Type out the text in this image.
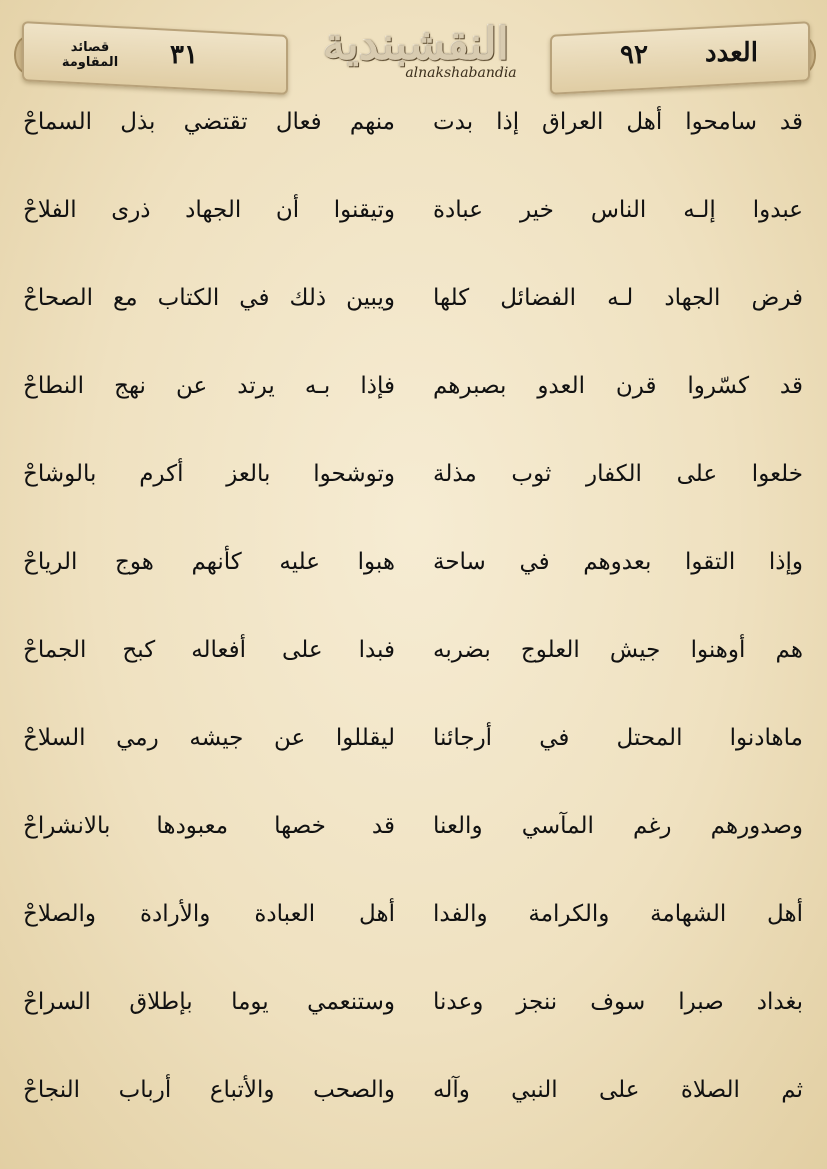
قصائد المقاومة ٣١	النقشبندية
alnakshabandia
٩٢ العدد
قد سامحوا أهل العراق إذا بدت
منهم فعال تقتضي بذل السماحْ
عبدوا إلـه الناس خير عبادة
وتيقنوا أن الجهاد ذرى الفلاحْ
فرض الجهاد لـه الفضائل كلها
ويبين ذلك في الكتاب مع الصحاحْ
قد كسّروا قرن العدو بصبرهم
فإذا بـه يرتد عن نهج النطاحْ
خلعوا على الكفار ثوب مذلة
وتوشحوا بالعز أكرم بالوشاحْ
وإذا التقوا بعدوهم في ساحة
هبوا عليه كأنهم هوج الرياحْ
هم أوهنوا جيش العلوج بضربه
فبدا على أفعاله كبح الجماحْ
ماهادنوا المحتل في أرجائنا
ليقللوا عن جيشه رمي السلاحْ
وصدورهم رغم المآسي والعنا
قد خصها معبودها بالانشراحْ
أهل الشهامة والكرامة والفدا
أهل العبادة والأرادة والصلاحْ
بغداد صبرا سوف ننجز وعدنا
وستنعمي يوما بإطلاق السراحْ
ثم الصلاة على النبي وآله
والصحب والأتباع أرباب النجاحْ
